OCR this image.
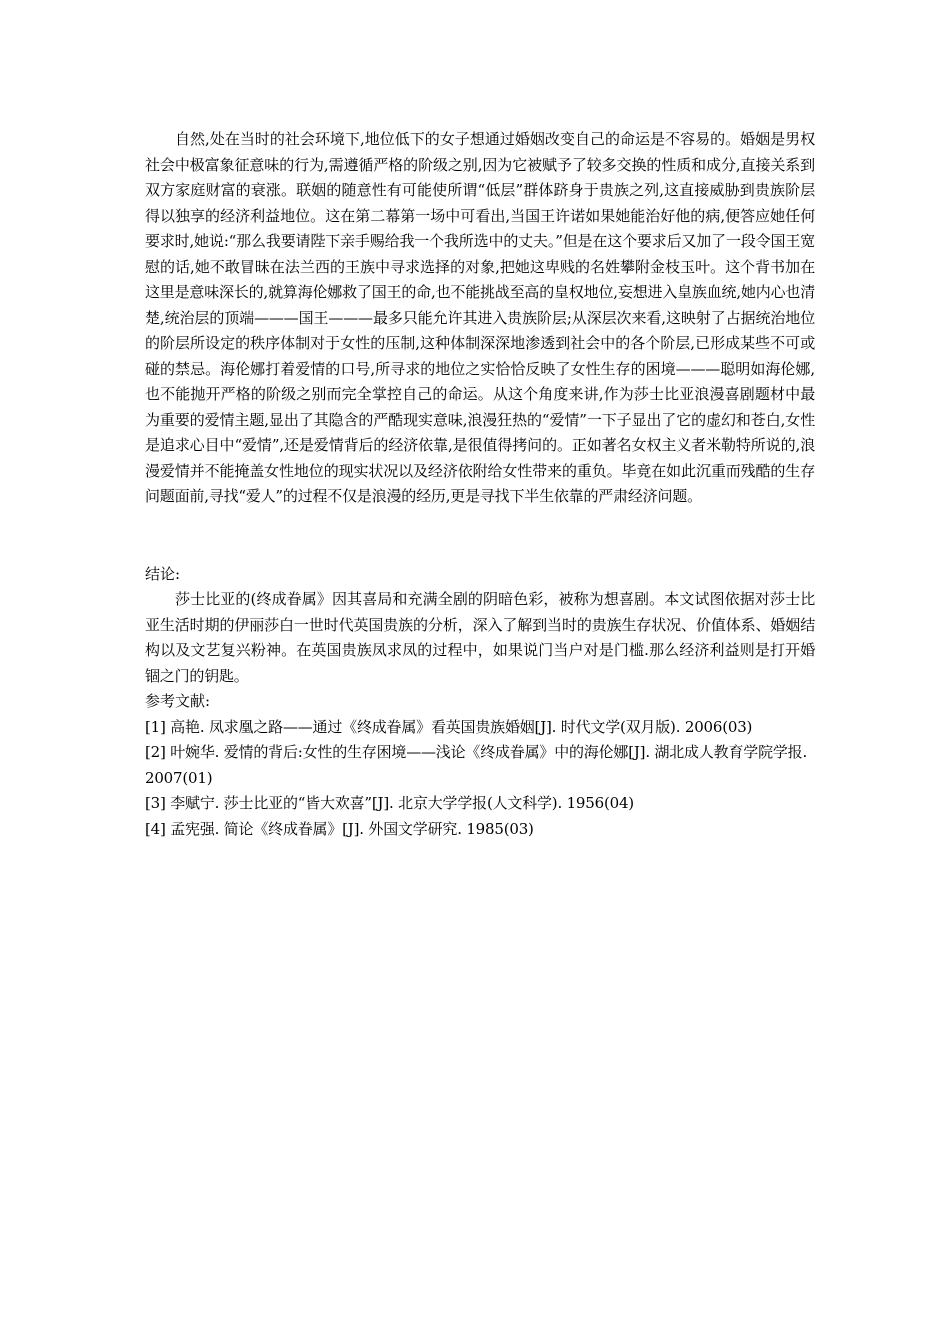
自然,处在当时的社会环境下,地位低下的女子想通过婚姻改变自己的命运是不容易的。婚姻是男权社会中极富象征意味的行为,需遵循严格的阶级之别,因为它被赋予了较多交换的性质和成分,直接关系到双方家庭财富的衰涨。联姻的随意性有可能使所谓“低层”群体跻身于贵族之列,这直接威胁到贵族阶层得以独享的经济利益地位。这在第二幕第一场中可看出,当国王许诺如果她能治好他的病,便答应她任何要求时,她说:“那么我要请陛下亲手赐给我一个我所选中的丈夫。”但是在这个要求后又加了一段令国王宽慰的话,她不敢冒昧在法兰西的王族中寻求选择的对象,把她这卑贱的名姓攀附金枝玉叶。这个背书加在这里是意味深长的,就算海伦娜救了国王的命,也不能挑战至高的皇权地位,妄想进入皇族血统,她内心也清楚,统治层的顶端———国王———最多只能允许其进入贵族阶层;从深层次来看,这映射了占据统治地位的阶层所设定的秩序体制对于女性的压制,这种体制深深地渗透到社会中的各个阶层,已形成某些不可或碰的禁忌。海伦娜打着爱情的口号,所寻求的地位之实恰恰反映了女性生存的困境———聪明如海伦娜,也不能抛开严格的阶级之别而完全掌控自己的命运。从这个角度来讲,作为莎士比亚浪漫喜剧题材中最为重要的爱情主题,显出了其隐含的严酷现实意味,浪漫狂热的“爱情”一下子显出了它的虚幻和苍白,女性是追求心目中“爱情”,还是爱情背后的经济依靠,是很值得拷问的。正如著名女权主义者米勒特所说的,浪漫爱情并不能掩盖女性地位的现实状况以及经济依附给女性带来的重负。毕竟在如此沉重而残酷的生存问题面前,寻找“爱人”的过程不仅是浪漫的经历,更是寻找下半生依靠的严肃经济问题。

结论:

莎士比亚的(终成眷属》因其喜局和充满全剧的阴暗色彩，被称为想喜剧。本文试图依据对莎士比亚生活时期的伊丽莎白一世时代英国贵族的分析，深入了解到当时的贵族生存状况、价值体系、婚姻结构以及文艺复兴粉神。在英国贵族凤求凤的过程中，如果说门当户对是门槛.那么经济利益则是打开婚锢之门的钥匙。

参考文献:

[1] 高艳. 凤求凰之路——通过《终成眷属》看英国贵族婚姻[J]. 时代文学(双月版). 2006(03)
[2] 叶婉华. 爱情的背后:女性的生存困境——浅论《终成眷属》中的海伦娜[J]. 湖北成人教育学院学报. 2007(01)
[3] 李赋宁. 莎士比亚的“皆大欢喜”[J]. 北京大学学报(人文科学). 1956(04)
[4] 孟宪强. 简论《终成眷属》[J]. 外国文学研究. 1985(03)
